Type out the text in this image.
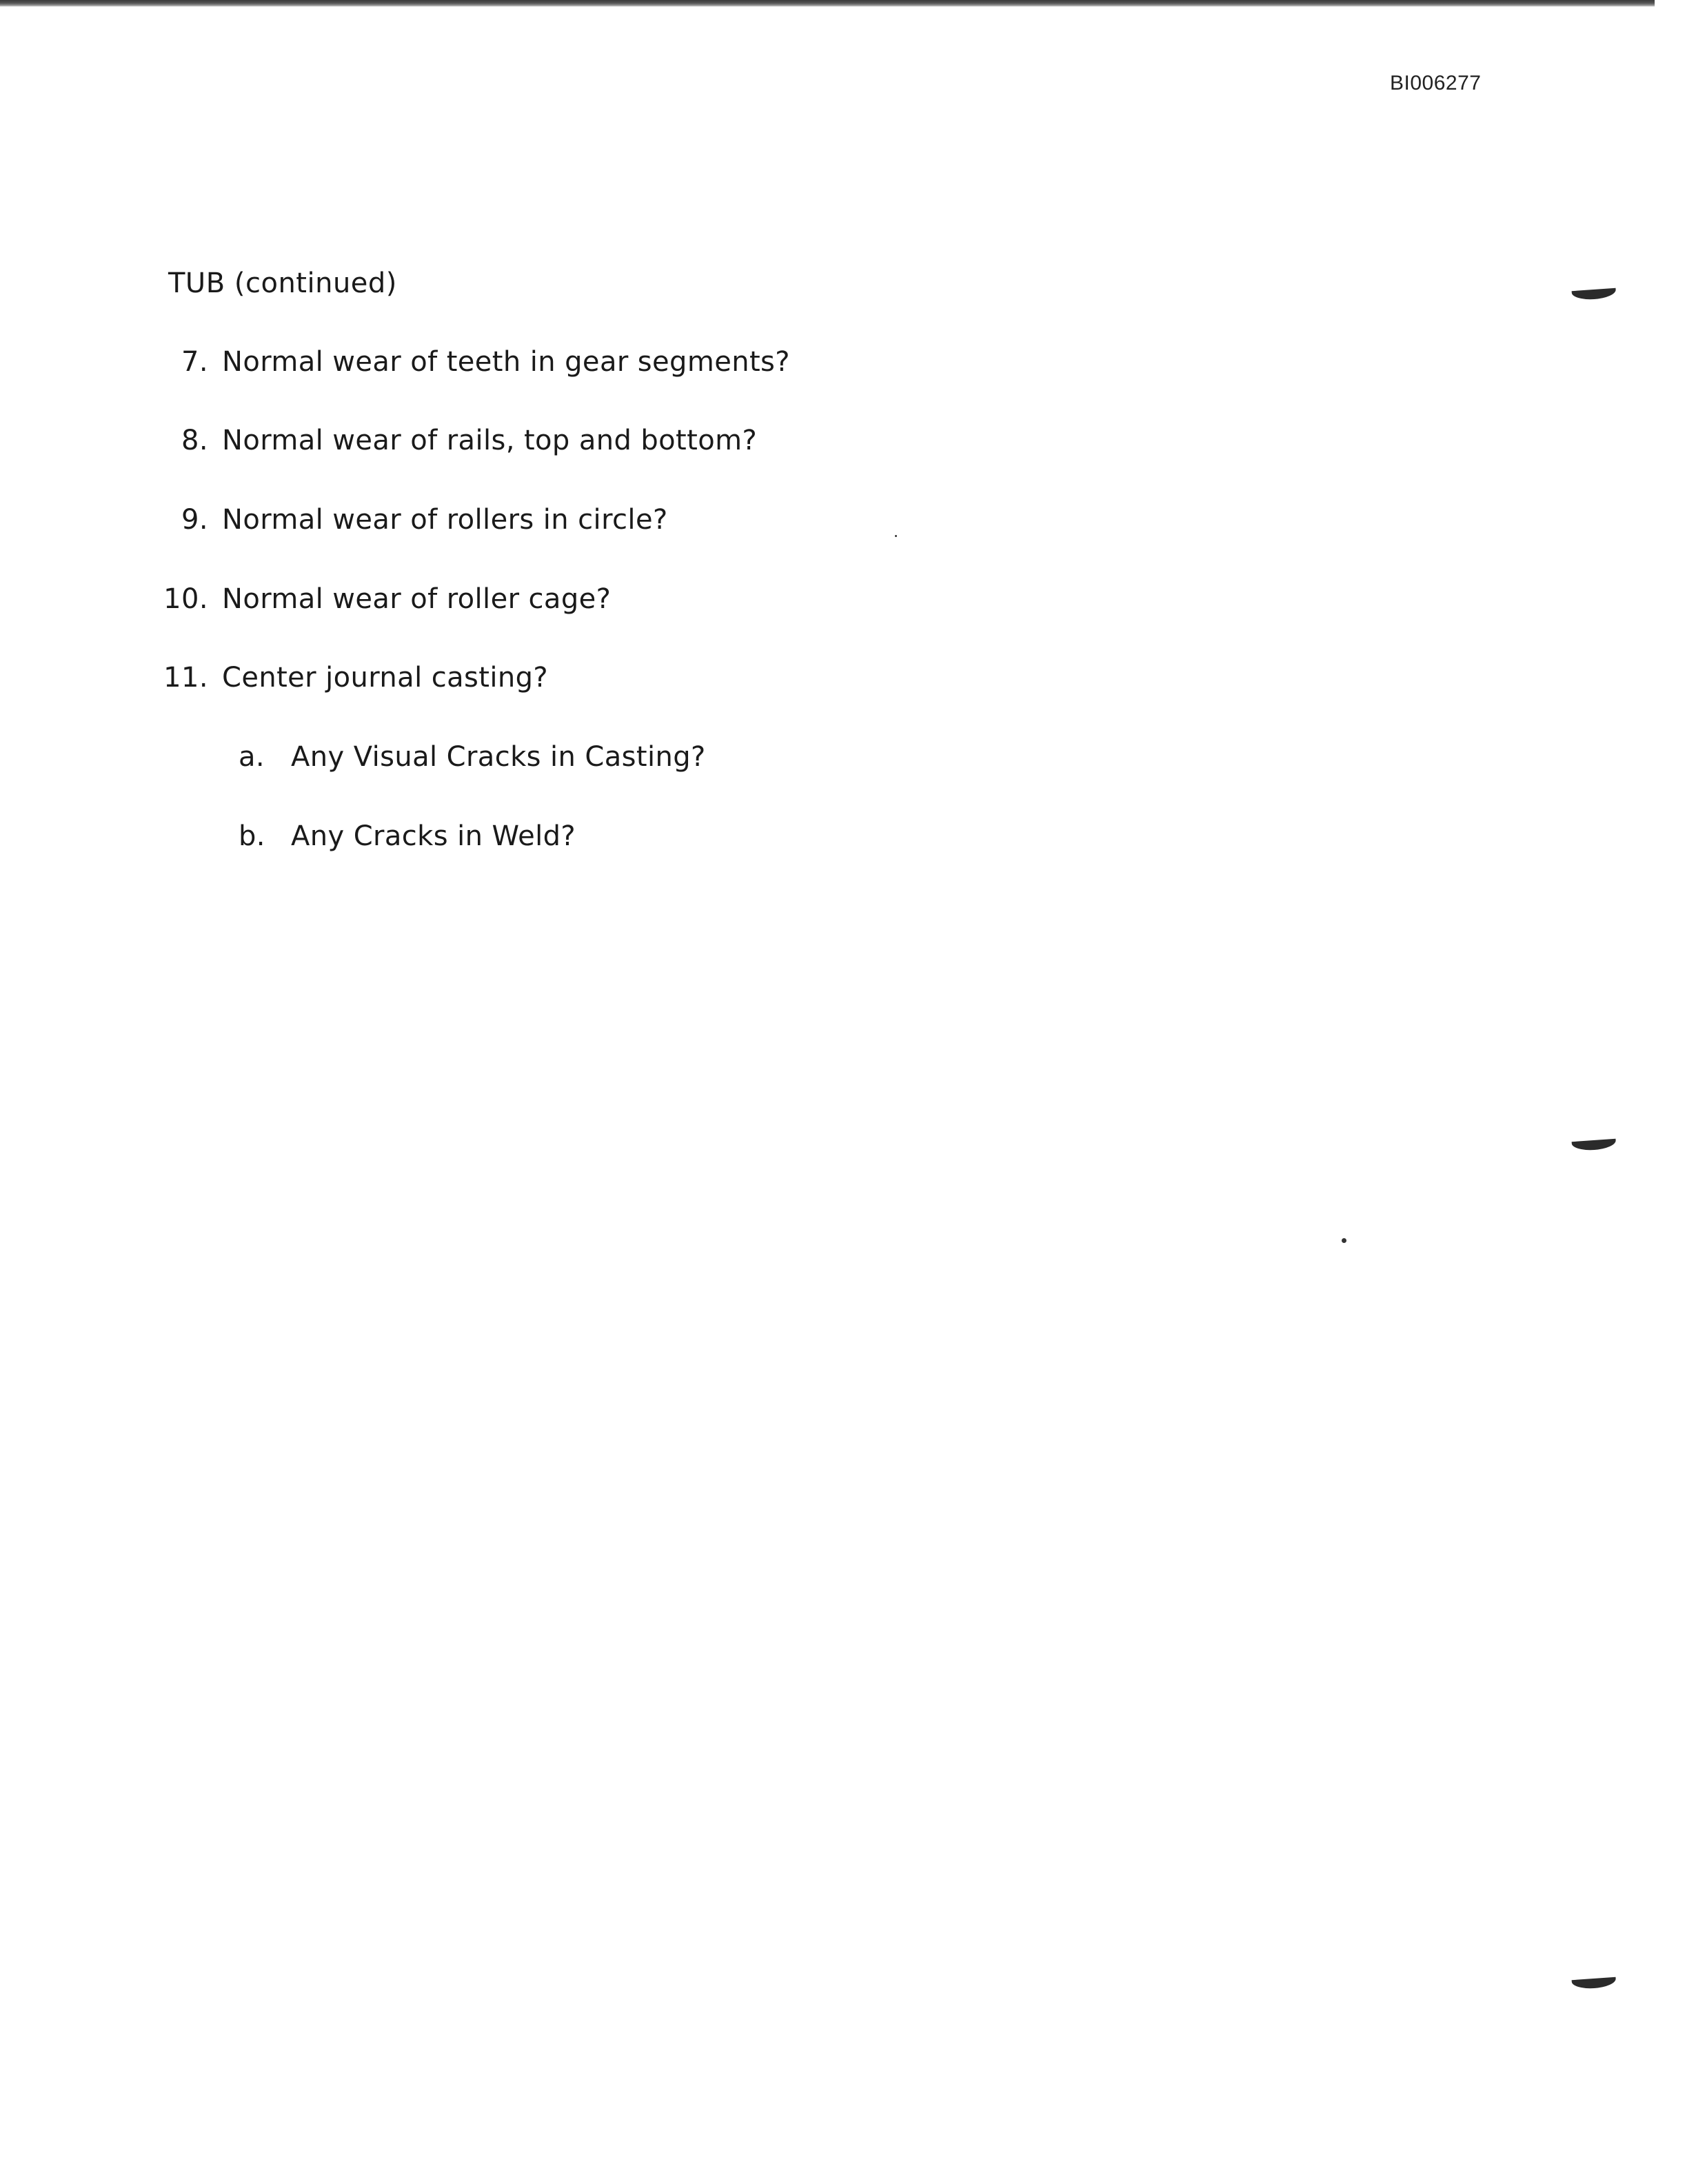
BI006277
TUB (continued)
7. Normal wear of teeth in gear segments?
8. Normal wear of rails, top and bottom?
9. Normal wear of rollers in circle?
10. Normal wear of roller cage?
11. Center journal casting?
a. Any Visual Cracks in Casting?
b. Any Cracks in Weld?
